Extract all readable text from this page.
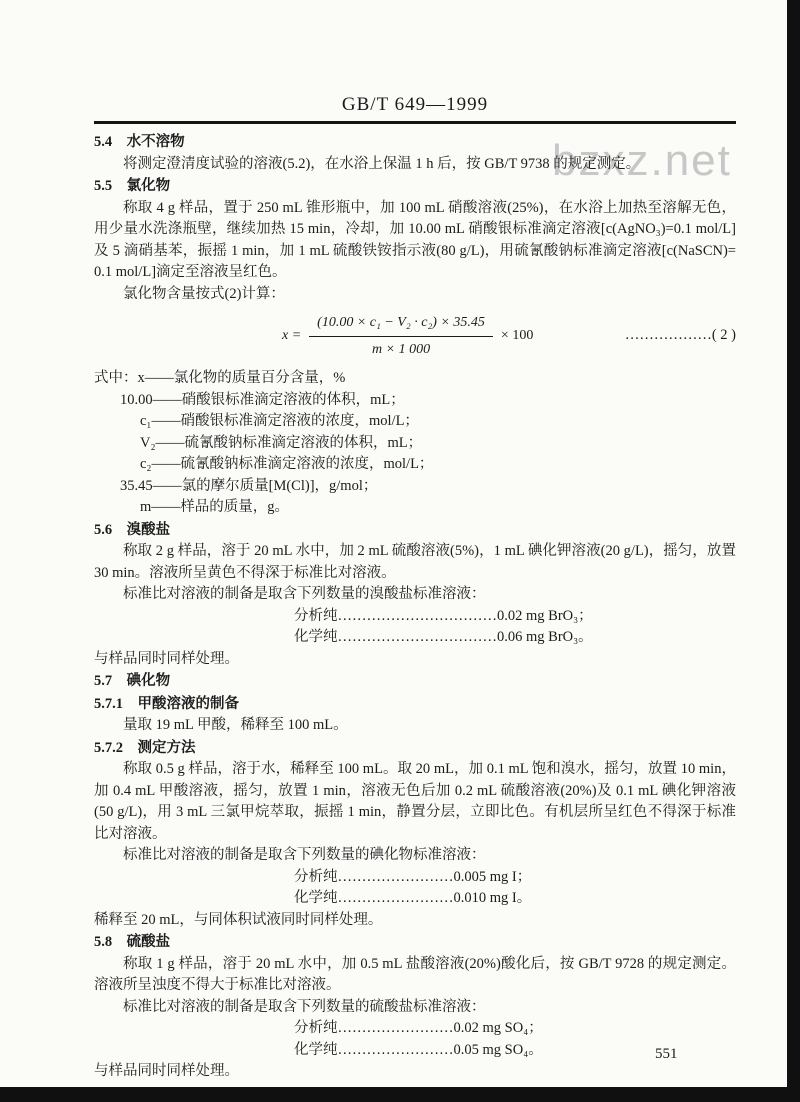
bzxz.net
GB/T 649—1999
5.4　水不溶物
将测定澄清度试验的溶液(5.2)，在水浴上保温 1 h 后，按 GB/T 9738 的规定测定。
5.5　氯化物
称取 4 g 样品，置于 250 mL 锥形瓶中，加 100 mL 硝酸溶液(25%)，在水浴上加热至溶解无色，用少量水洗涤瓶壁，继续加热 15 min，冷却，加 10.00 mL 硝酸银标准滴定溶液[c(AgNO₃)=0.1 mol/L]及 5 滴硝基苯，振摇 1 min，加 1 mL 硫酸铁铵指示液(80 g/L)，用硫氰酸钠标准滴定溶液[c(NaSCN)= 0.1 mol/L]滴定至溶液呈红色。
氯化物含量按式(2)计算：
$x = \frac{\text{(10.00 × c₁ − V₂ · c₂) × 35.45}}{m \times 1 000} \times 100$	………………( 2 )
式中：x——氯化物的质量百分含量，%
10.00——硝酸银标准滴定溶液的体积，mL；
c₁——硝酸银标准滴定溶液的浓度，mol/L；
V₂——硫氰酸钠标准滴定溶液的体积，mL；
c₂——硫氰酸钠标准滴定溶液的浓度，mol/L；
35.45——氯的摩尔质量[M(Cl)]，g/mol；
m——样品的质量，g。
5.6　溴酸盐
称取 2 g 样品，溶于 20 mL 水中，加 2 mL 硫酸溶液(5%)，1 mL 碘化钾溶液(20 g/L)，摇匀，放置 30 min。溶液所呈黄色不得深于标准比对溶液。
标准比对溶液的制备是取含下列数量的溴酸盐标准溶液：
分析纯……………………………0.02 mg BrO₃；
化学纯……………………………0.06 mg BrO₃。
与样品同时同样处理。
5.7　碘化物
5.7.1　甲酸溶液的制备
量取 19 mL 甲酸，稀释至 100 mL。
5.7.2　测定方法
称取 0.5 g 样品，溶于水，稀释至 100 mL。取 20 mL，加 0.1 mL 饱和溴水，摇匀，放置 10 min，加 0.4 mL 甲酸溶液，摇匀，放置 1 min，溶液无色后加 0.2 mL 硫酸溶液(20%)及 0.1 mL 碘化钾溶液(50 g/L)，用 3 mL 三氯甲烷萃取，振摇 1 min，静置分层，立即比色。有机层所呈红色不得深于标准比对溶液。
标准比对溶液的制备是取含下列数量的碘化物标准溶液：
分析纯……………………0.005 mg I；
化学纯……………………0.010 mg I。
稀释至 20 mL，与同体积试液同时同样处理。
5.8　硫酸盐
称取 1 g 样品，溶于 20 mL 水中，加 0.5 mL 盐酸溶液(20%)酸化后，按 GB/T 9728 的规定测定。溶液所呈浊度不得大于标准比对溶液。
标准比对溶液的制备是取含下列数量的硫酸盐标准溶液：
分析纯……………………0.02 mg SO₄；
化学纯……………………0.05 mg SO₄。
与样品同时同样处理。
551
